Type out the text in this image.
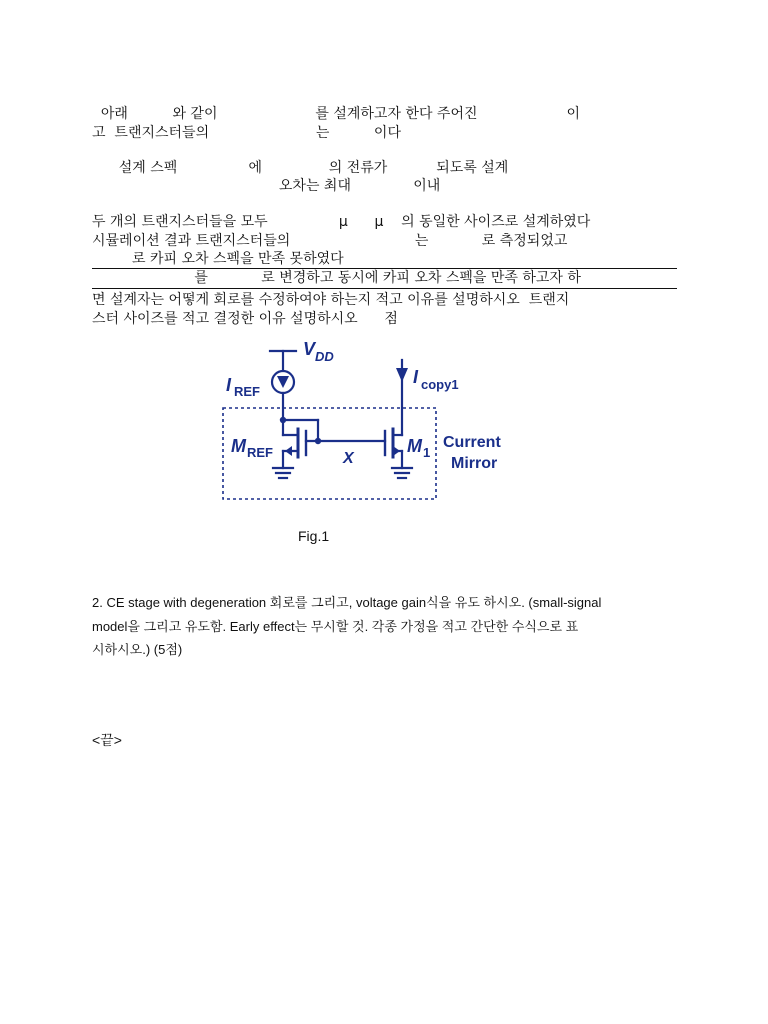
아래          와 같이                      를 설계하고자 한다 주어진                    이
고  트랜지스터들의                        는          이다
설계 스펙                에               의 전류가           되도록 설계
오차는 최대              이내
두 개의 트랜지스터들을 모두                μ      μ    의 동일한 사이즈로 설계하였다
시뮬레이션 결과 트랜지스터들의                            는            로 측정되었고
로 카피 오차 스펙을 만족 못하였다
를            로 변경하고 동시에 카피 오차 스펙을 만족 하고자 하
면 설계자는 어떻게 회로를 수정하여야 하는지 적고 이유를 설명하시오  트랜지
스터 사이즈를 적고 결정한 이유 설명하시오      점
V DD
I REF
I copy1
M REF	M 1
X
Current
Mirror
Fig.1
2. CE stage with degeneration 회로를 그리고, voltage gain식을 유도 하시오. (small-signal
model을 그리고 유도함. Early effect는 무시할 것. 각종 가정을 적고 간단한 수식으로 표
시하시오.) (5점)
<끝>
